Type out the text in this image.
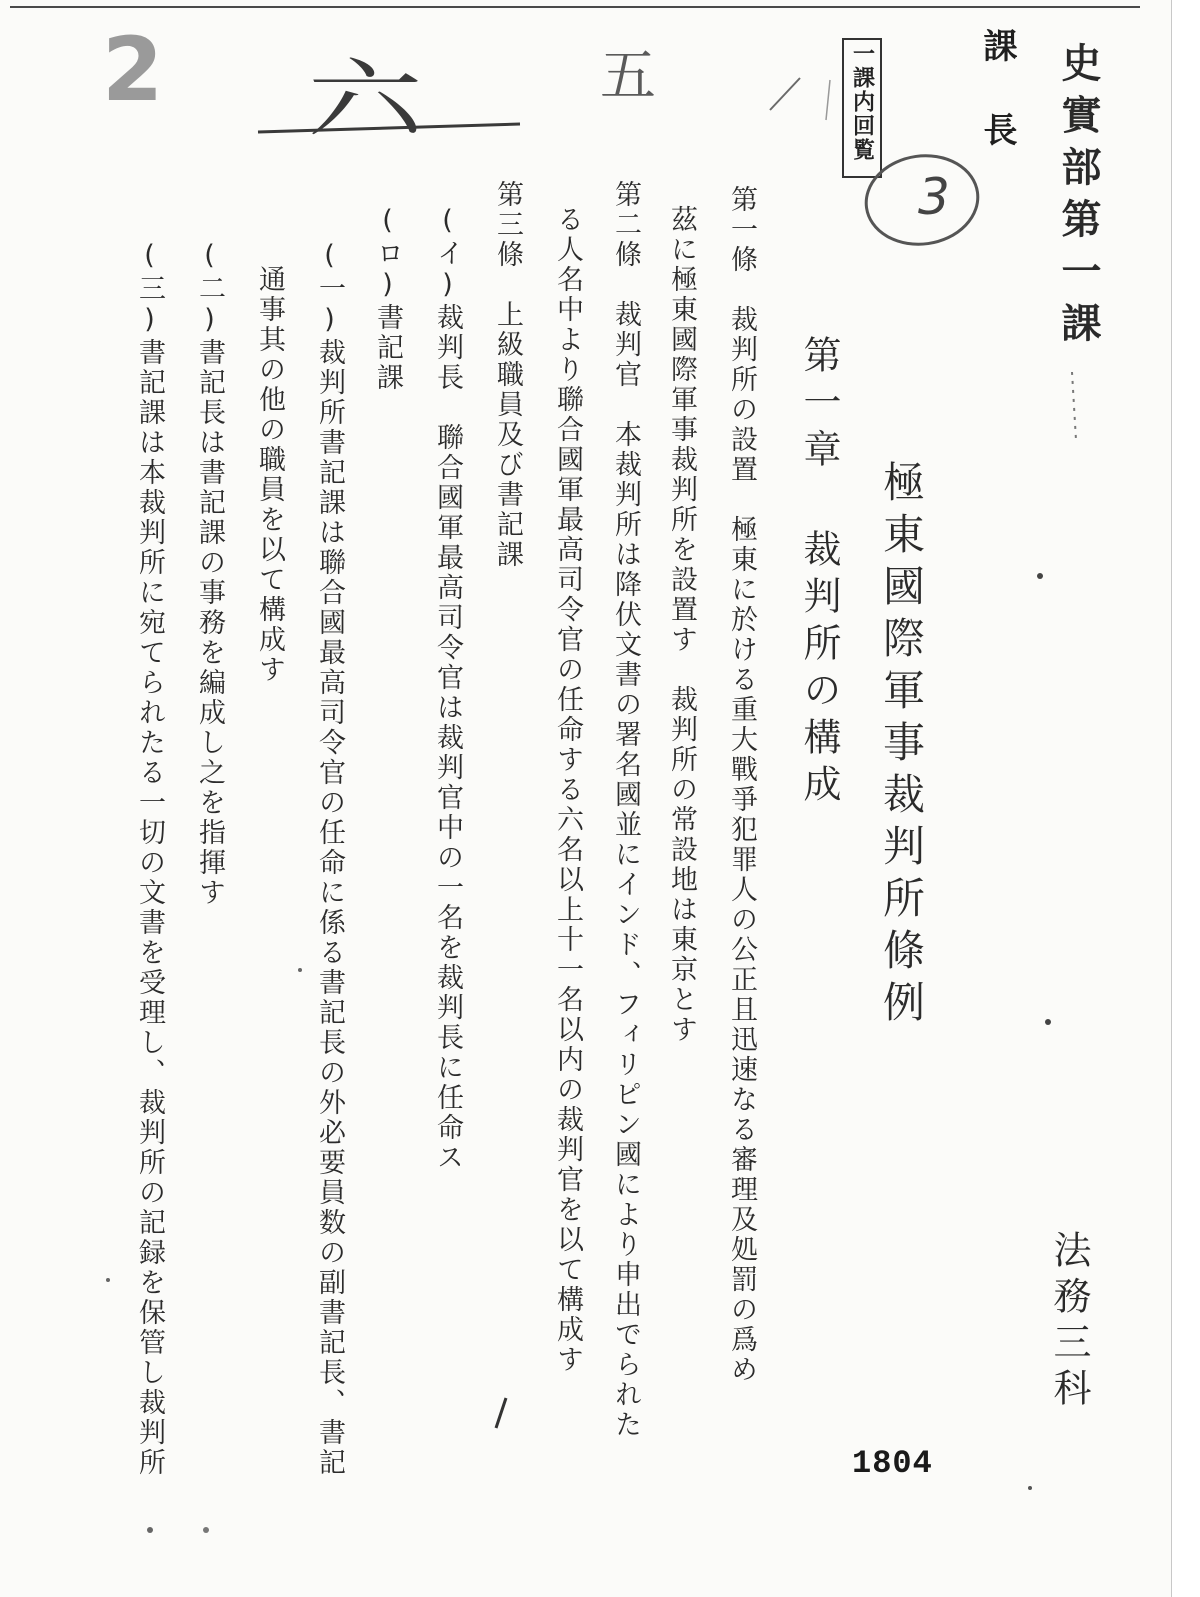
2 六	五	一課内回覧
3
課長 史實部第一課
極東國際軍事裁判所條例
第一章 裁判所の構成
第一條　裁判所の設置　極東に於ける重大戰爭犯罪人の公正且迅速なる審理及処罰の爲め
茲に極東國際軍事裁判所を設置す　裁判所の常設地は東京とす
第二條　裁判官　本裁判所は降伏文書の署名國並にインド、フィリピン國により申出でられた
る人名中より聯合國軍最高司令官の任命する六名以上十一名以内の裁判官を以て構成す
第三條　上級職員及び書記課
(イ)裁判長　聯合國軍最高司令官は裁判官中の一名を裁判長に任命ス
(ロ)書記課
(一)裁判所書記課は聯合國最高司令官の任命に係る書記長の外必要員数の副書記長、書記
通事其の他の職員を以て構成す
(二)書記長は書記課の事務を編成し之を指揮す
(三)書記課は本裁判所に宛てられたる一切の文書を受理し、裁判所の記録を保管し裁判所	法務三科
1804
